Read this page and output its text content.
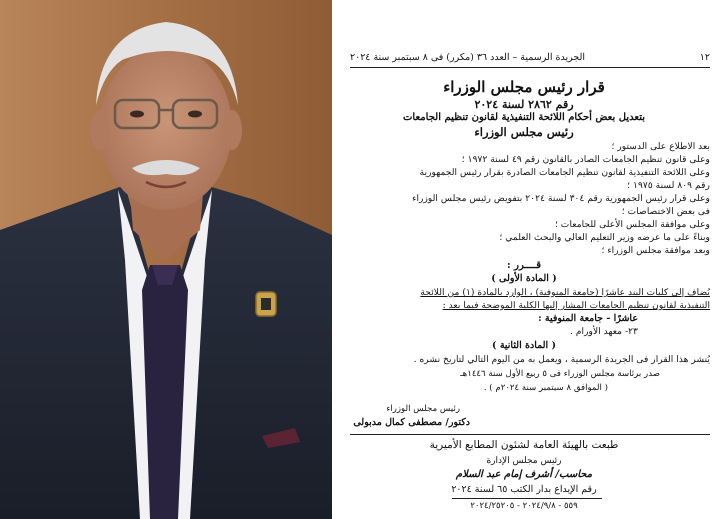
الجريدة الرسمية – العدد ٣٦ (مكرر) فى ٨ سبتمبر سنة ٢٠٢٤	١٢
قرار رئيس مجلس الوزراء
رقم ٢٨٦٢ لسنة ٢٠٢٤
بتعديل بعض أحكام اللائحة التنفيذية لقانون تنظيم الجامعات
رئيس مجلس الوزراء
بعد الاطلاع على الدستور ؛
وعلى قانون تنظيم الجامعات الصادر بالقانون رقم ٤٩ لسنة ١٩٧٢ ؛
وعلى اللائحة التنفيذية لقانون تنظيم الجامعات الصادرة بقرار رئيس الجمهورية
رقم ٨٠٩ لسنة ١٩٧٥ ؛
وعلى قرار رئيس الجمهورية رقم ٣٠٤ لسنة ٢٠٢٤ بتفويض رئيس مجلس الوزراء
فى بعض الاختصاصات ؛
وعلى موافقة المجلس الأعلى للجامعات ؛
وبناءً على ما عرضه وزير التعليم العالي والبحث العلمي ؛
وبعد موافقة مجلس الوزراء ؛
قــــرر :
( المادة الأولى )
يُضاف إلى كليات البند عاشرًا (جامعة المنوفية) ، الوارد بالمادة (١) من اللائحة
التنفيذية لقانون تنظيم الجامعات المشار إليها الكلية الموضحة فيما بعد :
عاشرًا - جامعة المنوفية :
٢٣- معهد الأورام .
( المادة الثانية )
يُنشر هذا القرار فى الجريدة الرسمية ، ويعمل به من اليوم التالي لتاريخ نشره .
صدر برئاسة مجلس الوزراء فى ٥ ربيع الأول سنة ١٤٤٦هـ
( الموافق ٨ سبتمبر سنة ٢٠٢٤م ) .
رئيس مجلس الوزراء
دكتور/ مصطفى كمال مدبولى
طبعت بالهيئة العامة لشئون المطابع الأميرية
رئيس مجلس الإدارة
محاسب/ أشرف إمام عبد السلام
رقم الإيداع بدار الكتب ٦٥ لسنة ٢٠٢٤
٥٥٩ - ٢٠٢٤/٩/٨ - ٢٠٢٤/٢٥٢٠٥
